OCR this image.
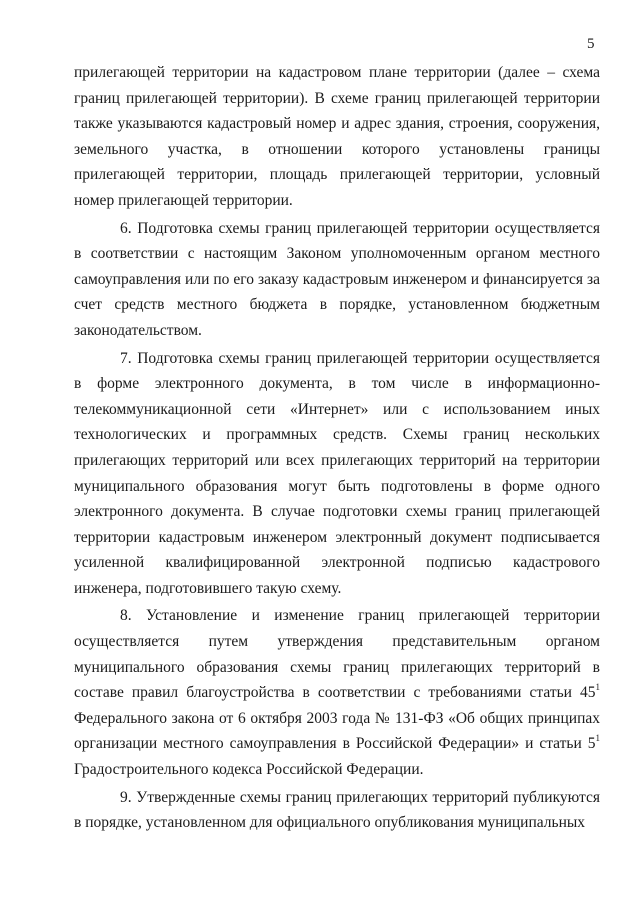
5

прилегающей территории на кадастровом плане территории (далее – схема границ прилегающей территории). В схеме границ прилегающей территории также указываются кадастровый номер и адрес здания, строения, сооружения, земельного участка, в отношении которого установлены границы прилегающей территории, площадь прилегающей территории, условный номер прилегающей территории.

6. Подготовка схемы границ прилегающей территории осуществляется в соответствии с настоящим Законом уполномоченным органом местного самоуправления или по его заказу кадастровым инженером и финансируется за счет средств местного бюджета в порядке, установленном бюджетным законодательством.

7. Подготовка схемы границ прилегающей территории осуществляется в форме электронного документа, в том числе в информационно-телекоммуникационной сети «Интернет» или с использованием иных технологических и программных средств. Схемы границ нескольких прилегающих территорий или всех прилегающих территорий на территории муниципального образования могут быть подготовлены в форме одного электронного документа. В случае подготовки схемы границ прилегающей территории кадастровым инженером электронный документ подписывается усиленной квалифицированной электронной подписью кадастрового инженера, подготовившего такую схему.

8. Установление и изменение границ прилегающей территории осуществляется путем утверждения представительным органом муниципального образования схемы границ прилегающих территорий в составе правил благоустройства в соответствии с требованиями статьи $45^1$ Федерального закона от 6 октября 2003 года № 131-ФЗ «Об общих принципах организации местного самоуправления в Российской Федерации» и статьи $5^1$ Градостроительного кодекса Российской Федерации.

9. Утвержденные схемы границ прилегающих территорий публикуются в порядке, установленном для официального опубликования муниципальных
